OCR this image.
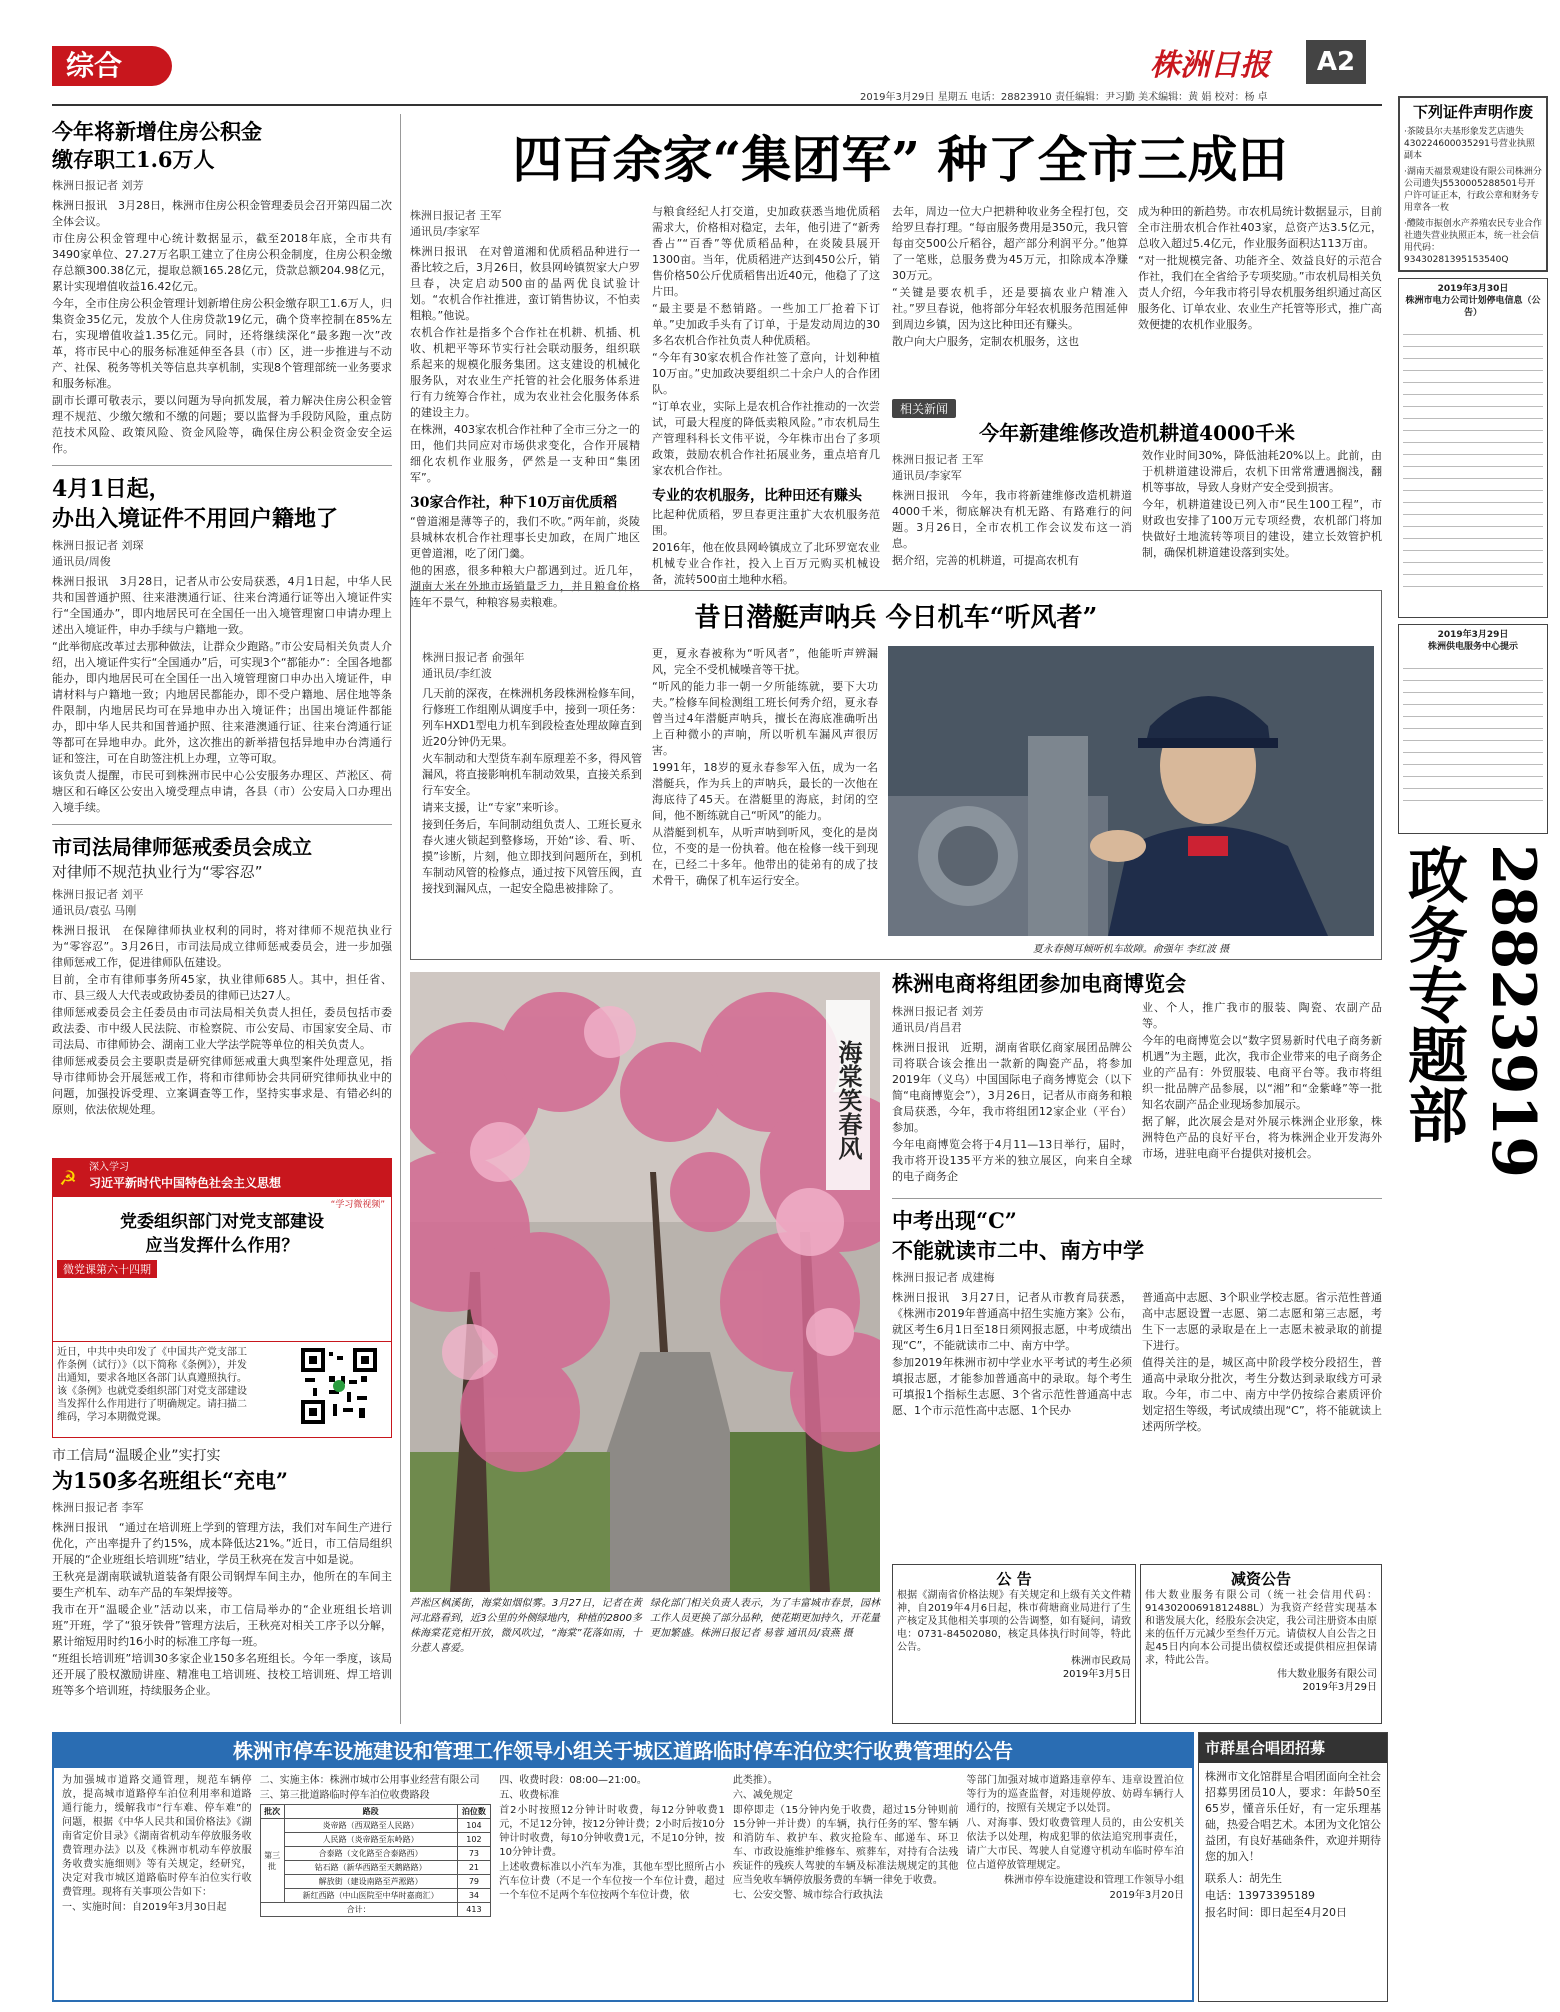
综合	株洲日报	A2
2019年3月29日 星期五 电话：28823910 责任编辑：尹习勤 美术编辑：黄 娟 校对：杨 卓
今年将新增住房公积金
缴存职工1.6万人
株洲日报记者 刘芳

株洲日报讯　3月28日，株洲市住房公积金管理委员会召开第四届二次全体会议。

市住房公积金管理中心统计数据显示，截至2018年底，全市共有3490家单位、27.27万名职工建立了住房公积金制度，住房公积金缴存总额300.38亿元，提取总额165.28亿元，贷款总额204.98亿元，累计实现增值收益16.42亿元。

今年，全市住房公积金管理计划新增住房公积金缴存职工1.6万人，归集资金35亿元，发放个人住房贷款19亿元，确个贷率控制在85%左右，实现增值收益1.35亿元。同时，还将继续深化“最多跑一次”改革，将市民中心的服务标准延伸至各县（市）区，进一步推进与不动产、社保、税务等机关等信息共享机制，实现8个管理部统一业务要求和服务标准。

副市长谭可敬表示，要以问题为导向抓发展，着力解决住房公积金管理不规范、少缴欠缴和不缴的问题；要以监督为手段防风险，重点防范技术风险、政策风险、资金风险等，确保住房公积金资金安全运作。

4月1日起，
办出入境证件不用回户籍地了
株洲日报记者 刘琛
通讯员/周俊

株洲日报讯　3月28日，记者从市公安局获悉，4月1日起，中华人民共和国普通护照、往来港澳通行证、往来台湾通行证等出入境证件实行“全国通办”，即内地居民可在全国任一出入境管理窗口申请办理上述出入境证件，申办手续与户籍地一致。

“此举彻底改革过去那种做法，让群众少跑路。”市公安局相关负责人介绍，出入境证件实行“全国通办”后，可实现3个“都能办”：全国各地都能办，即内地居民可在全国任一出入境管理窗口申办出入境证件，申请材料与户籍地一致；内地居民都能办，即不受户籍地、居住地等条件限制，内地居民均可在异地申办出入境证件；出国出境证件都能办，即中华人民共和国普通护照、往来港澳通行证、往来台湾通行证等都可在异地申办。此外，这次推出的新举措包括异地申办台湾通行证和签注，可在自助签注机上办理，立等可取。

该负责人提醒，市民可到株洲市民中心公安服务办理区、芦淞区、荷塘区和石峰区公安出入境受理点申请，各县（市）公安局入口办理出入境手续。

市司法局律师惩戒委员会成立
对律师不规范执业行为“零容忍”
株洲日报记者 刘平
通讯员/袁弘 马刚

株洲日报讯　在保障律师执业权利的同时，将对律师不规范执业行为“零容忍”。3月26日，市司法局成立律师惩戒委员会，进一步加强律师惩戒工作，促进律师队伍建设。

目前，全市有律师事务所45家，执业律师685人。其中，担任省、市、县三级人大代表或政协委员的律师已达27人。

律师惩戒委员会主任委员由市司法局相关负责人担任，委员包括市委政法委、市中级人民法院、市检察院、市公安局、市国家安全局、市司法局、市律师协会、湖南工业大学法学院等单位的相关负责人。

律师惩戒委员会主要职责是研究律师惩戒重大典型案件处理意见，指导市律师协会开展惩戒工作，将和市律师协会共同研究律师执业中的问题，加强投诉受理、立案调查等工作，坚持实事求是、有错必纠的原则，依法依规处理。

☭ 深入学习
习近平新时代中国特色社会主义思想
“学习微视频”
党委组织部门对党支部建设
应当发挥什么作用？
微党课第六十四期

近日，中共中央印发了《中国共产党支部工作条例（试行）》（以下简称《条例》），并发出通知，要求各地区各部门认真遵照执行。该《条例》也就党委组织部门对党支部建设当发挥什么作用进行了明确规定。请扫描二维码，学习本期微党课。

市工信局“温暖企业”实打实
为150多名班组长“充电”
株洲日报记者 李军

株洲日报讯　“通过在培训班上学到的管理方法，我们对车间生产进行优化，产出率提升了约15%，成本降低达21%。”近日，市工信局组织开展的“企业班组长培训班”结业，学员王秋亮在发言中如是说。

王秋亮是湖南联诚轨道装备有限公司钢焊车间主办，他所在的车间主要生产机车、动车产品的车架焊接等。

我市在开“温暖企业”活动以来，市工信局举办的“企业班组长培训班”开班，学了“狼牙铁骨”管理方法后，王秋亮对相关工序予以分解，累计缩短用时约16小时的标准工序每一班。

“班组长培训班”培训30多家企业150多名班组长。今年一季度，该局还开展了股权激励讲座、精准电工培训班、技校工培训班、焊工培训班等多个培训班，持续服务企业。

四百余家“集团军” 种了全市三成田
株洲日报记者 王军
通讯员/李家军

株洲日报讯　在对曾道湘和优质稻品种进行一番比较之后，3月26日，攸县网岭镇贺家大户罗旦春，决定启动500亩的晶两优良试验计划。“农机合作社推进，蛮订销售协议，不怕卖粗粮。”他说。

农机合作社是指多个合作社在机耕、机插、机收、机耙平等环节实行社会联动服务，组织联系起来的规模化服务集团。这支建设的机械化服务队，对农业生产托管的社会化服务体系进行有力统筹合作社，成为农业社会化服务体系的建设主力。

在株洲，403家农机合作社种了全市三分之一的田，他们共同应对市场供求变化，合作开展精细化农机作业服务，俨然是一支种田“集团军”。

30家合作社，种下10万亩优质稻

“曾道湘是薄等子的，我们不吹。”两年前，炎陵县城林农机合作社理事长史加政，在周广地区更曾道湘，吃了闭门羹。

他的困惑，很多种粮大户都遇到过。近几年，湖南大米在外地市场销量乏力，并且粮食价格连年不景气，种粮容易卖粮难。

与粮食经纪人打交道，史加政获悉当地优质稻需求大，价格相对稳定，去年，他引进了“新秀香占”“百香”等优质稻品种，在炎陵县展开1300亩。当年，优质稻进产达到450公斤，销售价格50公斤优质稻售出近40元，他稳了了这片田。

“最主要是不愁销路。一些加工厂抢着下订单。”史加政手头有了订单，于是发动周边的30多名农机合作社负责人种优质稻。

“今年有30家农机合作社签了意向，计划种植10万亩。”史加政决要组织二十余户人的合作团队。

“订单农业，实际上是农机合作社推动的一次尝试，可最大程度的降低卖粮风险。”市农机局生产管理科科长文伟平说，今年株市出台了多项政策，鼓励农机合作社拓展业务，重点培育几家农机合作社。

专业的农机服务，比种田还有赚头

比起种优质稻，罗旦春更注重扩大农机服务范围。

2016年，他在攸县网岭镇成立了北环罗宽农业机械专业合作社，投入上百万元购买机械设备，流转500亩土地种水稻。

去年，周边一位大户把耕种收业务全程打包，交给罗旦春打理。“每亩服务费用是350元，我只管每亩交500公斤稻谷，超产部分利润平分。”他算了一笔账，总服务费为45万元，扣除成本净赚30万元。

“关键是要农机手，还是要搞农业户精准入社。”罗旦春说，他将部分年轻农机服务范围延伸到周边乡镇，因为这比种田还有赚头。

散户向大户服务，定制农机服务，这也

成为种田的新趋势。市农机局统计数据显示，目前全市注册农机合作社403家，总资产达3.5亿元，总收入超过5.4亿元，作业服务面积达113万亩。

“对一批规模完备、功能齐全、效益良好的示范合作社，我们在全省给予专项奖励。”市农机局相关负责人介绍，今年我市将引导农机服务组织通过高区服务化、订单农业、农业生产托管等形式，推广高效便捷的农机作业服务。

相关新闻
今年新建维修改造机耕道4000千米
株洲日报记者 王军
通讯员/李家军

株洲日报讯　今年，我市将新建维修改造机耕道4000千米，彻底解决有机无路、有路难行的问题。3月26日，全市农机工作会议发布这一消息。

据介绍，完善的机耕道，可提高农机有

效作业时间30%，降低油耗20%以上。此前，由于机耕道建设滞后，农机下田常常遭遇搁浅，翻机等事故，导致人身财产安全受到损害。

今年，机耕道建设已列入市“民生100工程”，市财政也安排了100万元专项经费，农机部门将加快做好土地流转等项目的建设，建立长效管护机制，确保机耕道建设落到实处。

昔日潜艇声呐兵 今日机车“听风者”
株洲日报记者 俞强年
通讯员/李红波

几天前的深夜，在株洲机务段株洲检修车间，行修班工作组刚从调度手中，接到一项任务：列车HXD1型电力机车到段检查处理故障直到近20分钟仍无果。

火车制动和大型货车刹车原理差不多，得风管漏风，将直接影响机车制动效果，直接关系到行车安全。

请来支援，让“专家”来听诊。

接到任务后，车间制动组负责人、工班长夏永春火速火锁起到整修场，开始“诊、看、听、摸”诊断，片刻，他立即找到问题所在，到机车制动风管的检修点，通过按下风管压阀，直接找到漏风点，一起安全隐患被排除了。

更，夏永春被称为“听风者”，他能听声辨漏风，完全不受机械噪音等干扰。

“听风的能力非一朝一夕所能练就，要下大功夫。”检修车间检测组工班长何秀介绍，夏永春曾当过4年潜艇声呐兵，擅长在海底准确听出上百种微小的声响，所以听机车漏风声很厉害。

1991年，18岁的夏永春参军入伍，成为一名潜艇兵，作为兵上的声呐兵，最长的一次他在海底待了45天。在潜艇里的海底，封闭的空间，他不断练就自己“听风”的能力。

从潜艇到机车，从听声呐到听风，变化的是岗位，不变的是一份执着。他在检修一线干到现在，已经二十多年。他带出的徒弟有的成了技术骨干，确保了机车运行安全。

夏永春侧耳倾听机车故障。俞强年 李红波 摄
海棠笑春风
芦淞区枫溪街，海棠如烟似雾。3月27日，记者在黄河北路看到，近3公里的外侧绿地内，种植的2800多株海棠花竞相开放，微风吹过，“海棠”花落如雨，十分惹人喜爱。
绿化部门相关负责人表示，为了丰富城市春景，园林工作人员更换了部分品种，使花期更加持久，开花量更加繁盛。株洲日报记者 易蓉 通讯员/袁燕 摄
株洲电商将组团参加电商博览会
株洲日报记者 刘芳
通讯员/肖昌君

株洲日报讯　近期，湖南省联亿商家展团品牌公司将联合该会推出一款新的陶瓷产品，将参加2019年（义乌）中国国际电子商务博览会（以下简“电商博览会”），3月26日，记者从市商务和粮食局获悉，今年，我市将组团12家企业（平台）参加。

今年电商博览会将于4月11—13日举行，届时，我市将开设135平方米的独立展区，向来自全球的电子商务企

业、个人，推广我市的服装、陶瓷、农副产品等。

今年的电商博览会以“数字贸易新时代电子商务新机遇”为主题，此次，我市企业带来的电子商务企业的产品有：外贸服装、电商平台等。我市将组织一批品牌产品参展，以“湘”和“金紫峰”等一批知名农副产品企业现场参加展示。

据了解，此次展会是对外展示株洲企业形象，株洲特色产品的良好平台，将为株洲企业开发海外市场，进驻电商平台提供对接机会。

中考出现“C”
不能就读市二中、南方中学
株洲日报记者 成建梅

株洲日报讯　3月27日，记者从市教育局获悉，《株洲市2019年普通高中招生实施方案》公布，就区考生6月1日至18日须网报志愿，中考成绩出现“C”，不能就读市二中、南方中学。

参加2019年株洲市初中学业水平考试的考生必须填报志愿，才能参加普通高中的录取。每个考生可填报1个指标生志愿、3个省示范性普通高中志愿、1个市示范性高中志愿、1个民办

普通高中志愿、3个职业学校志愿。省示范性普通高中志愿设置一志愿、第二志愿和第三志愿，考生下一志愿的录取是在上一志愿未被录取的前提下进行。

值得关注的是，城区高中阶段学校分段招生，普通高中录取分批次，考生分数达到录取线方可录取。今年，市二中、南方中学仍按综合素质评价划定招生等级，考试成绩出现“C”，将不能就读上述两所学校。

公 告

根据《湖南省价格法规》有关规定和上级有关文件精神，自2019年4月6日起，株市荷塘商业局进行了生产核定及其他相关事项的公告调整，如有疑问，请致电：0731-84502080，核定具体执行时间等，特此公告。

株洲市民政局
2019年3月5日
减资公告

伟大数业服务有限公司（统一社会信用代码：91430200691812488L）为我资产经营实现基本和谐发展大化，经股东会决定，我公司注册资本由原来的伍仟万元减少至叁仟万元。请债权人自公告之日起45日内向本公司提出债权偿还或提供相应担保请求，特此公告。

伟大数业服务有限公司
2019年3月29日
下列证件声明作废

·茶陵县尔夫基形象发艺店遗失430224600035291号营业执照副本

·湖南天福景观建设有限公司株洲分公司遗失J5530005288501号开户许可证正本，行政公章和财务专用章各一枚

·醴陵市振创水产养殖农民专业合作社遗失营业执照正本，统一社会信用代码：93430281395153540Q

2019年3月30日
株洲市电力公司计划停电信息（公告）
2019年3月29日
株洲供电服务中心提示
政务专题部 28823919
株洲市停车设施建设和管理工作领导小组关于城区道路临时停车泊位实行收费管理的公告

为加强城市道路交通管理，规范车辆停放，提高城市道路停车泊位利用率和道路通行能力，缓解我市“行车难、停车难”的问题，根据《中华人民共和国价格法》《湖南省定价目录》《湖南省机动车停放服务收费管理办法》以及《株洲市机动车停放服务收费实施细则》等有关规定，经研究，决定对我市城区道路临时停车泊位实行收费管理。现将有关事项公告如下：

一、实施时间：自2019年3月30日起

二、实施主体：株洲市城市公用事业经营有限公司

三、第三批道路临时停车泊位收费路段

批次	路段	泊位数
第三批	炎帝路（西双路至人民路）	104
	人民路（炎帝路至东岭路）	102
	合泰路（文化路至合泰路西）	73
	钻石路（新华西路至天鹅路路）	21
	解放街（建设南路至芦淞路）	79
	新红西路（中山医院至中华时嘉商汇）	34
合计：		413

四、收费时段：08:00—21:00。

五、收费标准

首2小时按照12分钟计时收费，每12分钟收费1元，不足12分钟，按12分钟计费；2小时后按10分钟计时收费，每10分钟收费1元，不足10分钟，按10分钟计费。

上述收费标准以小汽车为准，其他车型比照所占小汽车位计费（不足一个车位按一个车位计费，超过一个车位不足两个车位按两个车位计费，依

此类推）。

六、减免规定

即停即走（15分钟内免于收费，超过15分钟则前15分钟一并计费）的车辆，执行任务的军、警车辆和消防车、救护车、救灾抢险车、邮递车、环卫车、市政设施维护维修车、殡葬车，对持有合法残疾证件的残疾人驾驶的车辆及标准法规规定的其他应当免收车辆停放服务费的车辆一律免于收费。

七、公安交警、城市综合行政执法

等部门加强对城市道路违章停车、违章设置泊位等行为的巡查监督，对违规停放、妨碍车辆行人通行的，按照有关规定予以处罚。

八、对海事、毁灯收费管理人员的，由公安机关依法予以处理，构成犯罪的依法追究刑事责任，请广大市民、驾驶人自觉遵守机动车临时停车泊位占道停放管理规定。

株洲市停车设施建设和管理工作领导小组

2019年3月20日

市群星合唱团招募

株洲市文化馆群星合唱团面向全社会招募男团员10人，要求：年龄50至65岁，懂音乐任好，有一定乐理基础，热爱合唱艺术。本团为文化馆公益团，有良好基础条件，欢迎并期待您的加入！

联系人：胡先生

电话：13973395189

报名时间：即日起至4月20日
